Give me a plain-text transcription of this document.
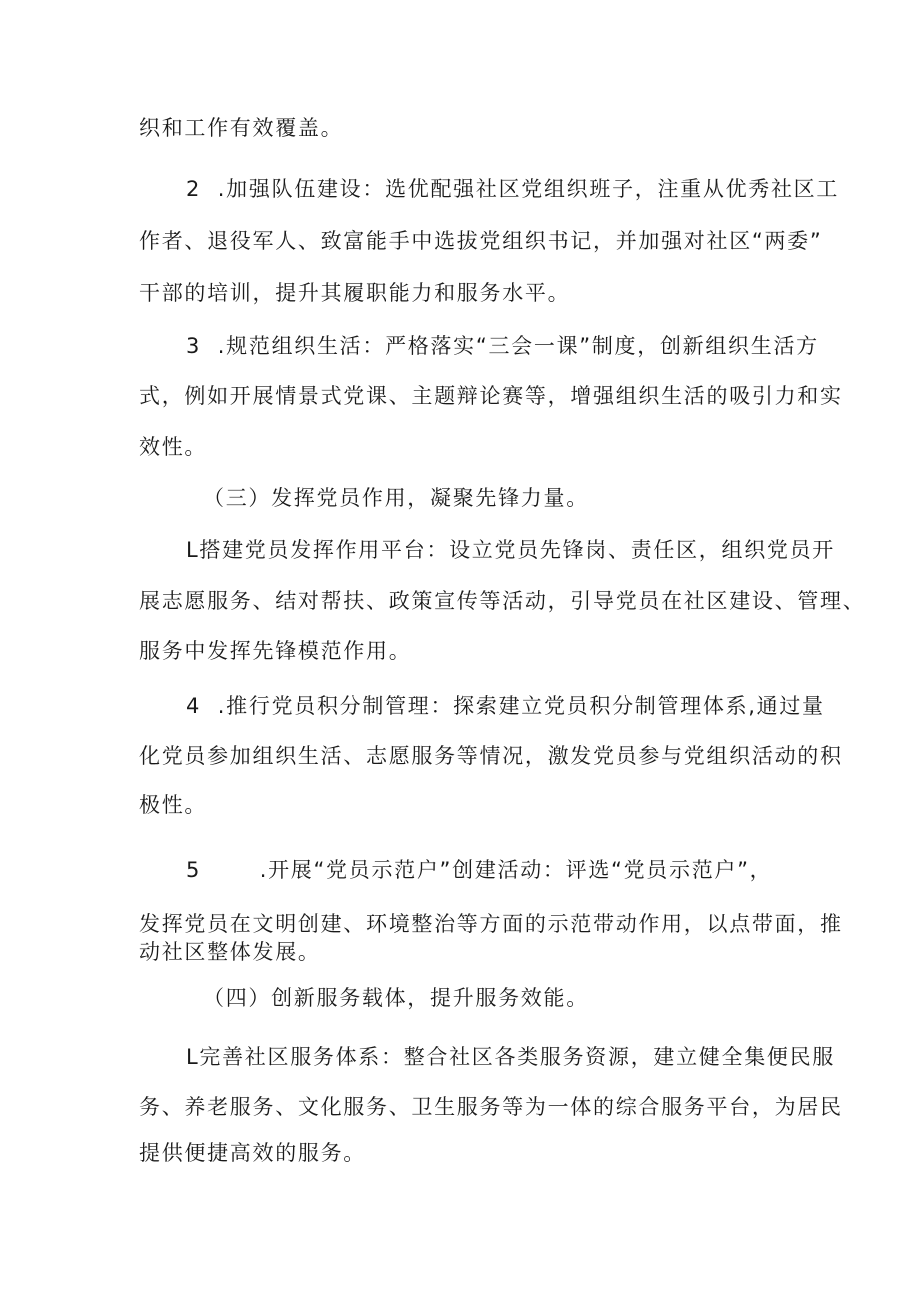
织和工作有效覆盖。
2  .加强队伍建设：选优配强社区党组织班子，注重从优秀社区工
作者、退役军人、致富能手中选拔党组织书记，并加强对社区“两委”
干部的培训，提升其履职能力和服务水平。
3  .规范组织生活：严格落实“三会一课”制度，创新组织生活方
式，例如开展情景式党课、主题辩论赛等，增强组织生活的吸引力和实
效性。
（三）发挥党员作用，凝聚先锋力量。
L搭建党员发挥作用平台：设立党员先锋岗、责任区，组织党员开
展志愿服务、结对帮扶、政策宣传等活动，引导党员在社区建设、管理、
服务中发挥先锋模范作用。
4  .推行党员积分制管理：探索建立党员积分制管理体系,通过量
化党员参加组织生活、志愿服务等情况，激发党员参与党组织活动的积
极性。
5       .开展“党员示范户”创建活动：评选“党员示范户”，
发挥党员在文明创建、环境整治等方面的示范带动作用，以点带面，推
动社区整体发展。
（四）创新服务载体，提升服务效能。
L完善社区服务体系：整合社区各类服务资源，建立健全集便民服
务、养老服务、文化服务、卫生服务等为一体的综合服务平台，为居民
提供便捷高效的服务。
